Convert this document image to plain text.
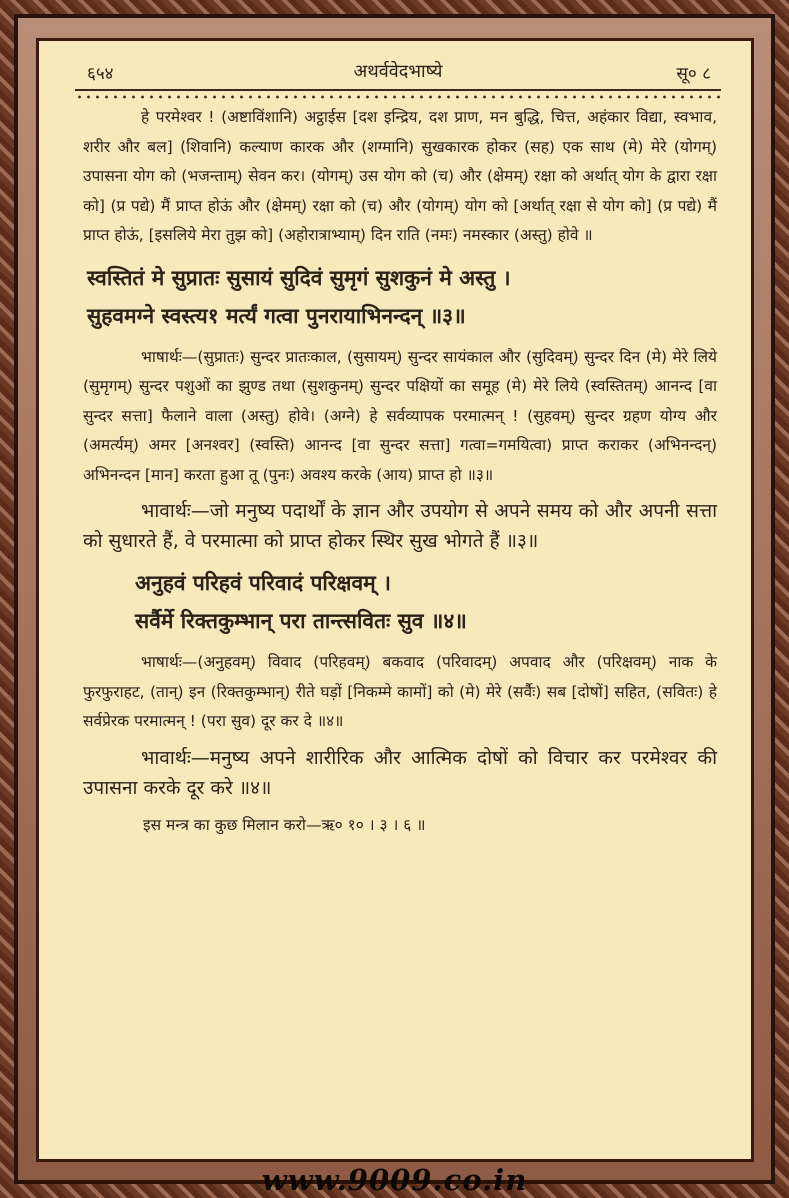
६५४	अथर्ववेदभाष्ये	सू० ८

हे परमेश्वर ! (अष्टाविंशानि) अट्ठाईस [दश इन्द्रिय, दश प्राण, मन बुद्धि, चित्त, अहंकार विद्या, स्वभाव, शरीर और बल] (शिवानि) कल्याण कारक और (शग्मानि) सुखकारक होकर (सह) एक साथ (मे) मेरे (योगम्) उपासना योग को (भजन्ताम्) सेवन कर। (योगम्) उस योग को (च) और (क्षेमम्) रक्षा को अर्थात् योग के द्वारा रक्षा को] (प्र पद्ये) मैं प्राप्त होऊं और (क्षेमम्) रक्षा को (च) और (योगम्) योग को [अर्थात् रक्षा से योग को] (प्र पद्ये) मैं प्राप्त होऊं, [इसलिये मेरा तुझ को] (अहोरात्राभ्याम्) दिन राति (नमः) नमस्कार (अस्तु) होवे ॥

स्वस्तितं मे सुप्रातः सुसायं सुदिवं सुमृगं सुशकुनं मे अस्तु ।
सुहवमग्ने स्वस्त्य१ मर्त्यं गत्वा पुनरायाभिनन्दन् ॥३॥

भाषार्थः—(सुप्रातः) सुन्दर प्रातःकाल, (सुसायम्) सुन्दर सायंकाल और (सुदिवम्) सुन्दर दिन (मे) मेरे लिये (सुमृगम्) सुन्दर पशुओं का झुण्ड तथा (सुशकुनम्) सुन्दर पक्षियों का समूह (मे) मेरे लिये (स्वस्तितम्) आनन्द [वा सुन्दर सत्ता] फैलाने वाला (अस्तु) होवे। (अग्ने) हे सर्वव्यापक परमात्मन् ! (सुहवम्) सुन्दर ग्रहण योग्य और (अमर्त्यम्) अमर [अनश्वर] (स्वस्ति) आनन्द [वा सुन्दर सत्ता] गत्वा=गमयित्वा) प्राप्त कराकर (अभिनन्दन्) अभिनन्दन [मान] करता हुआ तू (पुनः) अवश्य करके (आय) प्राप्त हो ॥३॥

भावार्थः—जो मनुष्य पदार्थों के ज्ञान और उपयोग से अपने समय को और अपनी सत्ता को सुधारते हैं, वे परमात्मा को प्राप्त होकर स्थिर सुख भोगते हैं ॥३॥

अनुहवं परिहवं परिवादं परिक्षवम् ।
सर्वैर्मे रिक्तकुम्भान् परा तान्त्सवितः सुव ॥४॥

भाषार्थः—(अनुहवम्) विवाद (परिहवम्) बकवाद (परिवादम्) अपवाद और (परिक्षवम्) नाक के फुरफुराहट, (तान्) इन (रिक्तकुम्भान्) रीते घड़ों [निकम्मे कामों] को (मे) मेरे (सर्वैः) सब [दोषों] सहित, (सवितः) हे सर्वप्रेरक परमात्मन् ! (परा सुव) दूर कर दे ॥४॥

भावार्थः—मनुष्य अपने शारीरिक और आत्मिक दोषों को विचार कर परमेश्वर की उपासना करके दूर करे ॥४॥

इस मन्त्र का कुछ मिलान करो—ऋ० १० । ३ । ६ ॥
www.9009.co.in
